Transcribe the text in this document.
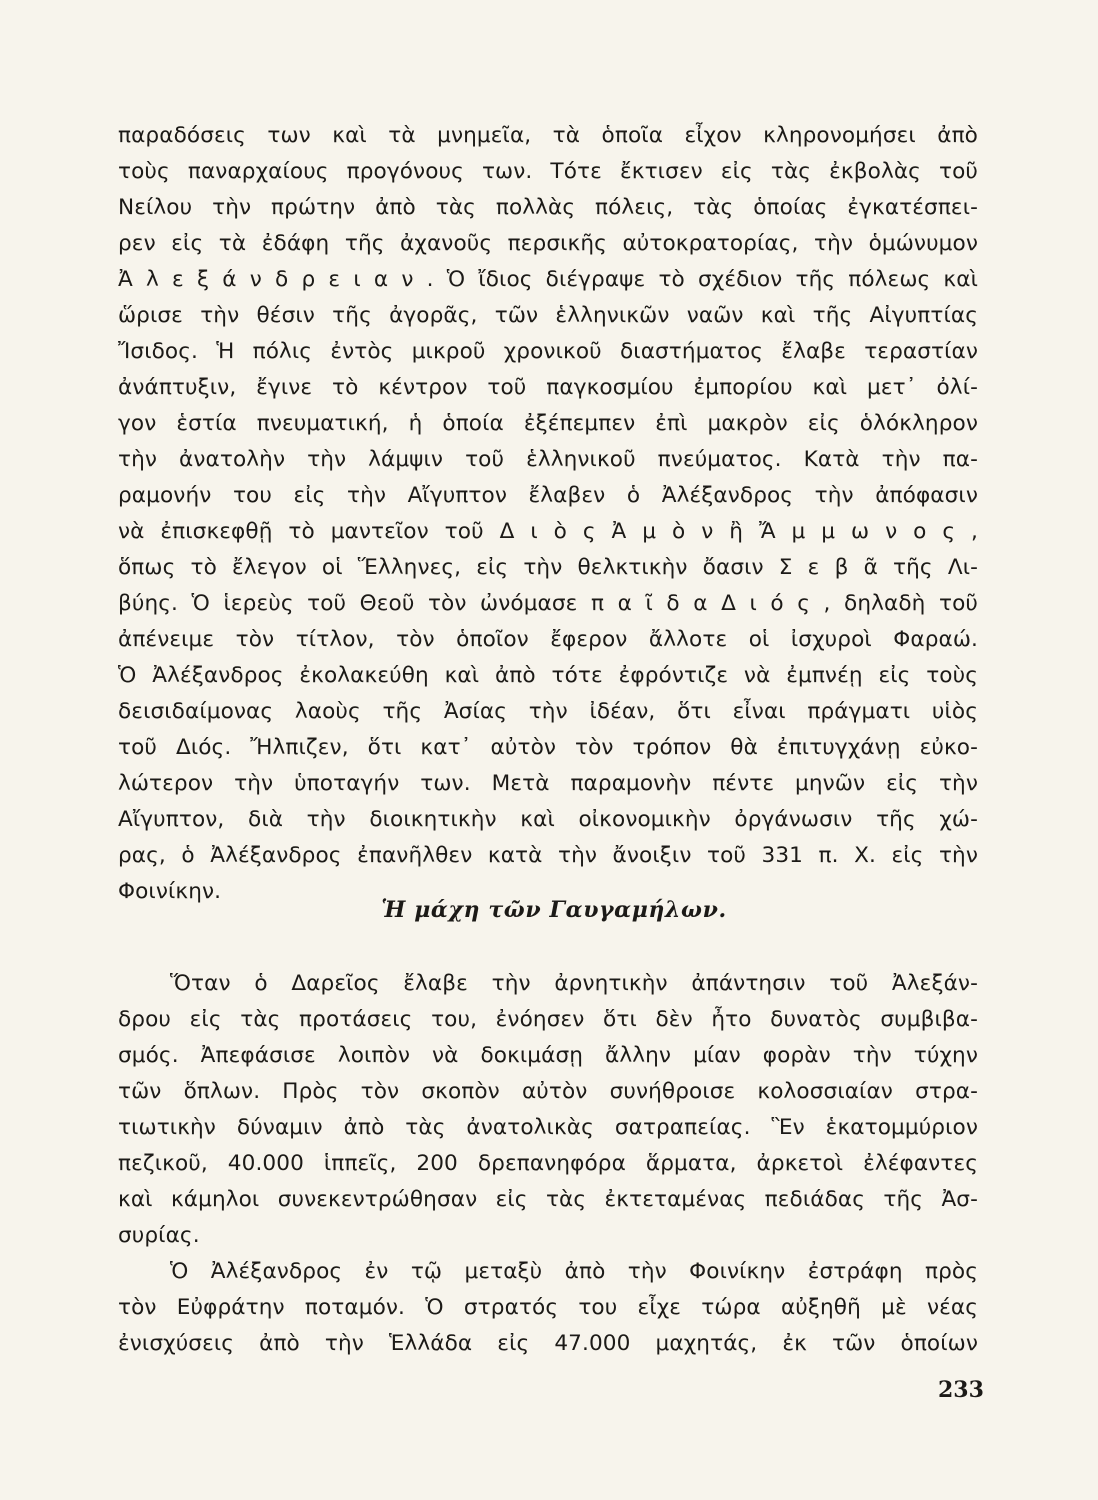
παραδόσεις των καὶ τὰ μνημεῖα, τὰ ὁποῖα εἶχον κληρονομήσει ἀπὸ
τοὺς παναρχαίους προγόνους των. Τότε ἔκτισεν εἰς τὰς ἐκβολὰς τοῦ
Νείλου τὴν πρώτην ἀπὸ τὰς πολλὰς πόλεις, τὰς ὁποίας ἐγκατέσπει-
ρεν εἰς τὰ ἐδάφη τῆς ἀχανοῦς περσικῆς αὐτοκρατορίας, τὴν ὁμώνυμον
Ἀ λ ε ξ ά ν δ ρ ε ι α ν . Ὁ ἴδιος διέγραψε τὸ σχέδιον τῆς πόλεως καὶ
ὥρισε τὴν θέσιν τῆς ἀγορᾶς, τῶν ἑλληνικῶν ναῶν καὶ τῆς Αἰγυπτίας
Ἴσιδος. Ἡ πόλις ἐντὸς μικροῦ χρονικοῦ διαστήματος ἔλαβε τεραστίαν
ἀνάπτυξιν, ἔγινε τὸ κέντρον τοῦ παγκοσμίου ἐμπορίου καὶ μετ᾽ ὀλί-
γον ἑστία πνευματική, ἡ ὁποία ἐξέπεμπεν ἐπὶ μακρὸν εἰς ὁλόκληρον
τὴν ἀνατολὴν τὴν λάμψιν τοῦ ἑλληνικοῦ πνεύματος. Κατὰ τὴν πα-
ραμονήν του εἰς τὴν Αἴγυπτον ἔλαβεν ὁ Ἀλέξανδρος τὴν ἀπόφασιν
νὰ ἐπισκεφθῇ τὸ μαντεῖον τοῦ Δ ι ὸ ς Ἀ μ ὸ ν ἢ Ἄ μ μ ω ν ο ς ,
ὅπως τὸ ἔλεγον οἱ Ἕλληνες, εἰς τὴν θελκτικὴν ὄασιν Σ ε β ᾶ τῆς Λι-
βύης. Ὁ ἱερεὺς τοῦ Θεοῦ τὸν ὠνόμασε π α ῖ δ α Δ ι ό ς , δηλαδὴ τοῦ
ἀπένειμε τὸν τίτλον, τὸν ὁποῖον ἔφερον ἄλλοτε οἱ ἰσχυροὶ Φαραώ.
Ὁ Ἀλέξανδρος ἐκολακεύθη καὶ ἀπὸ τότε ἐφρόντιζε νὰ ἐμπνέῃ εἰς τοὺς
δεισιδαίμονας λαοὺς τῆς Ἀσίας τὴν ἰδέαν, ὅτι εἶναι πράγματι υἱὸς
τοῦ Διός. Ἤλπιζεν, ὅτι κατ᾽ αὐτὸν τὸν τρόπον θὰ ἐπιτυγχάνῃ εὐκο-
λώτερον τὴν ὑποταγήν των. Μετὰ παραμονὴν πέντε μηνῶν εἰς τὴν
Αἴγυπτον, διὰ τὴν διοικητικὴν καὶ οἰκονομικὴν ὀργάνωσιν τῆς χώ-
ρας, ὁ Ἀλέξανδρος ἐπανῆλθεν κατὰ τὴν ἄνοιξιν τοῦ 331 π. Χ. εἰς τὴν
Φοινίκην.
Ἡ μάχη τῶν Γαυγαμήλων.
Ὅταν ὁ Δαρεῖος ἔλαβε τὴν ἀρνητικὴν ἀπάντησιν τοῦ Ἀλεξάν-
δρου εἰς τὰς προτάσεις του, ἐνόησεν ὅτι δὲν ἦτο δυνατὸς συμβιβα-
σμός. Ἀπεφάσισε λοιπὸν νὰ δοκιμάσῃ ἄλλην μίαν φορὰν τὴν τύχην
τῶν ὅπλων. Πρὸς τὸν σκοπὸν αὐτὸν συνήθροισε κολοσσιαίαν στρα-
τιωτικὴν δύναμιν ἀπὸ τὰς ἀνατολικὰς σατραπείας. Ἓν ἑκατομμύριον
πεζικοῦ, 40.000 ἱππεῖς, 200 δρεπανηφόρα ἅρματα, ἀρκετοὶ ἐλέφαντες
καὶ κάμηλοι συνεκεντρώθησαν εἰς τὰς ἐκτεταμένας πεδιάδας τῆς Ἀσ-
συρίας.
Ὁ Ἀλέξανδρος ἐν τῷ μεταξὺ ἀπὸ τὴν Φοινίκην ἐστράφη πρὸς
τὸν Εὐφράτην ποταμόν. Ὁ στρατός του εἶχε τώρα αὐξηθῆ μὲ νέας
ἐνισχύσεις ἀπὸ τὴν Ἑλλάδα εἰς 47.000 μαχητάς, ἐκ τῶν ὁποίων
233
